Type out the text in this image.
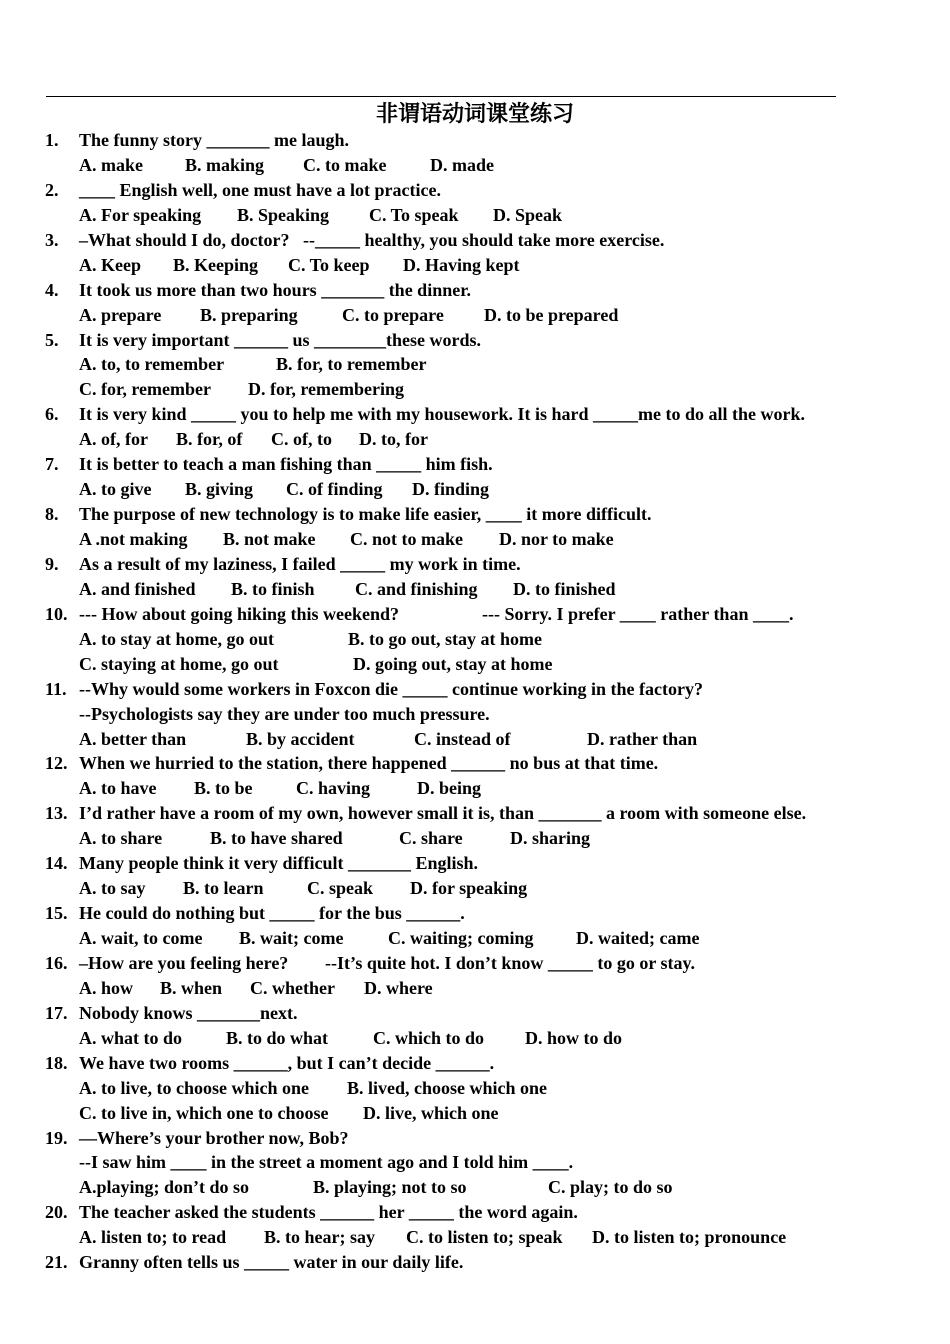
非谓语动词课堂练习
1. The funny story _______ me laugh.
A. make B. making C. to make D. made
2. ____ English well, one must have a lot practice.
A. For speaking B. Speaking C. To speak D. Speak
3. –What should I do, doctor?   --_____ healthy, you should take more exercise.
A. Keep B. Keeping C. To keep D. Having kept
4. It took us more than two hours _______ the dinner.
A. prepare B. preparing C. to prepare D. to be prepared
5. It is very important ______ us ________these words.
A. to, to remember	B. for, to remember
C. for, remember D. for, remembering
6. It is very kind _____ you to help me with my housework. It is hard _____me to do all the work.
A. of, for B. for, of C. of, to D. to, for
7. It is better to teach a man fishing than _____ him fish.
A. to give B. giving C. of finding D. finding
8. The purpose of new technology is to make life easier, ____ it more difficult.
A .not making B. not make C. not to make D. nor to make
9. As a result of my laziness, I failed _____ my work in time.
A. and finished B. to finish C. and finishing D. to finished
10. --- How about going hiking this weekend?	--- Sorry. I prefer ____ rather than ____.
A. to stay at home, go out	B. to go out, stay at home
C. staying at home, go out	D. going out, stay at home
11. --Why would some workers in Foxcon die _____ continue working in the factory?
--Psychologists say they are under too much pressure.
A. better than	B. by accident	C. instead of	D. rather than
12. When we hurried to the station, there happened ______ no bus at that time.
A. to have B. to be C. having	D. being
13. I’d rather have a room of my own, however small it is, than _______ a room with someone else.
A. to share	B. to have shared	C. share	D. sharing
14. Many people think it very difficult _______ English.
A. to say B. to learn C. speak D. for speaking
15. He could do nothing but _____ for the bus ______.
A. wait, to come B. wait; come C. waiting; coming D. waited; came
16. –How are you feeling here? --It’s quite hot. I don’t know _____ to go or stay.
A. how B. when C. whether D. where
17. Nobody knows _______next.
A. what to do B. to do what C. which to do D. how to do
18. We have two rooms ______, but I can’t decide ______.
A. to live, to choose which one B. lived, choose which one
C. to live in, which one to choose D. live, which one
19. —Where’s your brother now, Bob?
--I saw him ____ in the street a moment ago and I told him ____.
A.playing; don’t do so	B. playing; not to so	C. play; to do so
20. The teacher asked the students ______ her _____ the word again.
A. listen to; to read B. to hear; say C. to listen to; speak D. to listen to; pronounce
21. Granny often tells us _____ water in our daily life.
